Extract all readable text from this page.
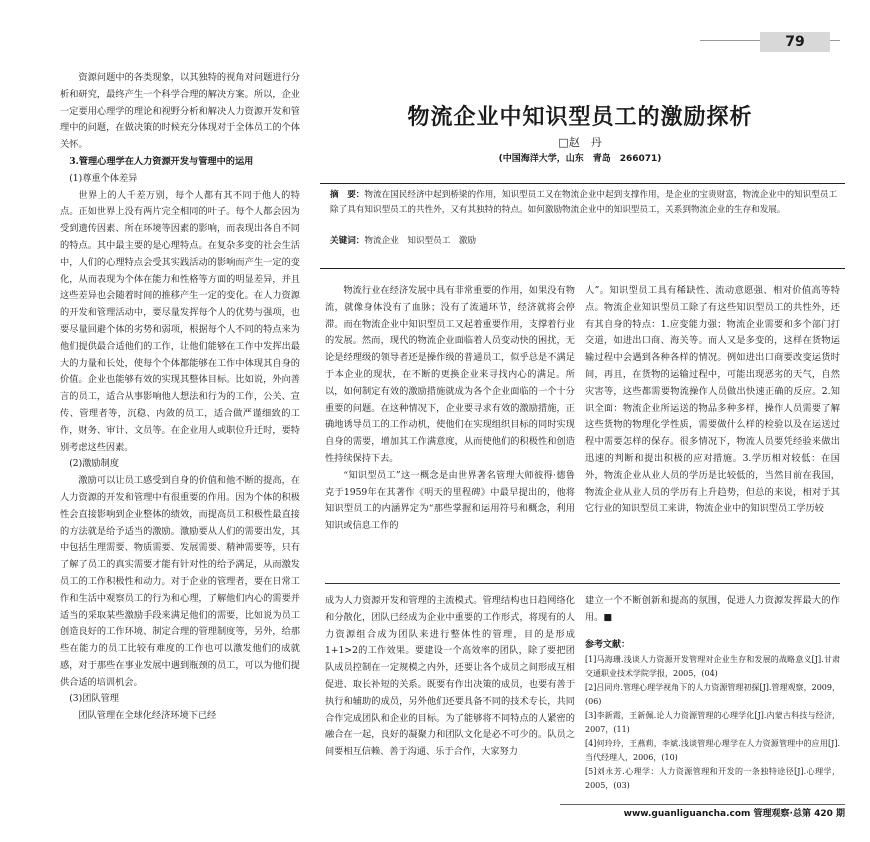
79

资源问题中的各类现象，以其独特的视角对问题进行分析和研究，最终产生一个科学合理的解决方案。所以，企业一定要用心理学的理论和视野分析和解决人力资源开发和管理中的问题，在做决策的时候充分体现对于全体员工的个体关怀。

3.管理心理学在人力资源开发与管理中的运用

(1)尊重个体差异

世界上的人千差万别，每个人都有其不同于他人的特点。正如世界上没有两片完全相同的叶子。每个人都会因为受到遗传因素、所在环境等因素的影响，而表现出各自不同的特点。其中最主要的是心理特点。在复杂多变的社会生活中，人们的心理特点会受其实践活动的影响而产生一定的变化，从而表现为个体在能力和性格等方面的明显差异，并且这些差异也会随着时间的推移产生一定的变化。在人力资源的开发和管理活动中，要尽量发挥每个人的优势与强项，也要尽量回避个体的劣势和弱项，根据每个人不同的特点来为他们提供最合适他们的工作，让他们能够在工作中发挥出最大的力量和长处，使每个个体都能够在工作中体现其自身的价值。企业也能够有效的实现其整体目标。比如说，外向善言的员工，适合从事影响他人想法和行为的工作，公关、宣传、管理者等，沉稳、内敛的员工，适合做严谨细致的工作，财务、审计、文员等。在企业用人或职位升迁时，要特别考虑这些因素。

(2)激励制度

激励可以让员工感受到自身的价值和他不断的提高，在人力资源的开发和管理中有很重要的作用。因为个体的积极性会直接影响到企业整体的绩效，而提高员工积极性最直接的方法就是给予适当的激励。激励要从人们的需要出发，其中包括生理需要、物质需要、发展需要、精神需要等，只有了解了员工的真实需要才能有针对性的给予满足，从而激发员工的工作积极性和动力。对于企业的管理者，要在日常工作和生活中观察员工的行为和心理，了解他们内心的需要并适当的采取某些激励手段来满足他们的需要，比如说为员工创造良好的工作环境、制定合理的管理制度等，另外，给那些在能力的员工比较有难度的工作也可以激发他们的成就感，对于那些在事业发展中遇到瓶颈的员工，可以为他们提供合适的培训机会。

(3)团队管理

团队管理在全球化经济环境下已经

物流企业中知识型员工的激励探析
□赵　丹
(中国海洋大学，山东　青岛　266071)
摘　要：物流在国民经济中起到桥梁的作用，知识型员工又在物流企业中起到支撑作用，是企业的宝贵财富，物流企业中的知识型员工除了具有知识型员工的共性外，又有其独特的特点。如何激励物流企业中的知识型员工，关系到物流企业的生存和发展。
关键词：物流企业　知识型员工　激励

物流行业在经济发展中具有非常重要的作用，如果没有物流，就像身体没有了血脉；没有了流通环节，经济就将会停滞。而在物流企业中知识型员工又起着重要作用，支撑着行业的发展。然而，现代的物流企业面临着人员变动快的困扰，无论是经理级的领导者还是操作级的普通员工，似乎总是不满足于本企业的现状，在不断的更换企业来寻找内心的满足。所以，如何制定有效的激励措施就成为各个企业面临的一个十分重要的问题。在这种情况下，企业要寻求有效的激励措施，正确地诱导员工的工作动机，使他们在实现组织目标的同时实现自身的需要，增加其工作满意度，从而使他们的积极性和创造性持续保持下去。

“知识型员工”这一概念是由世界著名管理大师彼得·德鲁克于1959年在其著作《明天的里程碑》中最早提出的，他将知识型员工的内涵界定为“那些掌握和运用符号和概念，利用知识或信息工作的

人”。知识型员工具有稀缺性、流动意愿强、相对价值高等特点。物流企业知识型员工除了有这些知识型员工的共性外，还有其自身的特点：1.应变能力强；物流企业需要和多个部门打交道，如进出口商、海关等。而人又是多变的，这样在货物运输过程中会遇到各种各样的情况。例如进出口商要改变运货时间，再且，在货物的运输过程中，可能出现恶劣的天气，自然灾害等，这些都需要物流操作人员做出快速正确的反应。2.知识全面：物流企业所运送的物品多种多样，操作人员需要了解这些货物的物理化学性质，需要做什么样的检验以及在运送过程中需要怎样的保存。很多情况下，物流人员要凭经验来做出迅速的判断和提出积极的应对措施。3.学历相对较低：在国外，物流企业从业人员的学历是比较低的，当然目前在我国，物流企业从业人员的学历有上升趋势，但总的来说，相对于其它行业的知识型员工来讲，物流企业中的知识型员工学历较

成为人力资源开发和管理的主流模式。管理结构也日趋网络化和分散化，团队已经成为企业中重要的工作形式，将现有的人力资源组合成为团队来进行整体性的管理，目的是形成1+1>2的工作效果。要建设一个高效率的团队，除了要把团队成员控制在一定规模之内外，还要让各个成员之间形成互相促进、取长补短的关系。既要有作出决策的成员，也要有善于执行和辅助的成员，另外他们还要具备不同的技术专长，共同合作完成团队和企业的目标。为了能够将不同特点的人紧密的融合在一起，良好的凝聚力和团队文化是必不可少的。队员之间要相互信赖、善于沟通、乐于合作，大家努力

建立一个不断创新和提高的氛围，促进人力资源发挥最大的作用。■

参考文献：

[1]马海珊.浅谈人力资源开发管理对企业生存和发展的战略意义[J].甘肃交通职业技术学院学报，2005，(04)

[2]吕同舟.管理心理学视角下的人力资源管理初探[J].管理观察，2009，(06)

[3]李新霞，王新佩.论人力资源管理的心理学化[J].内蒙古科技与经济，2007，(11)

[4]何玲玲，王燕莉，李斌.浅谈管理心理学在人力资源管理中的应用[J].当代经理人，2006，(10)

[5]刘永芳.心理学：人力资源管理和开发的一条独特途径[J].心理学，2005，(03)

www.guanliguancha.com 管理观察·总第 420 期
